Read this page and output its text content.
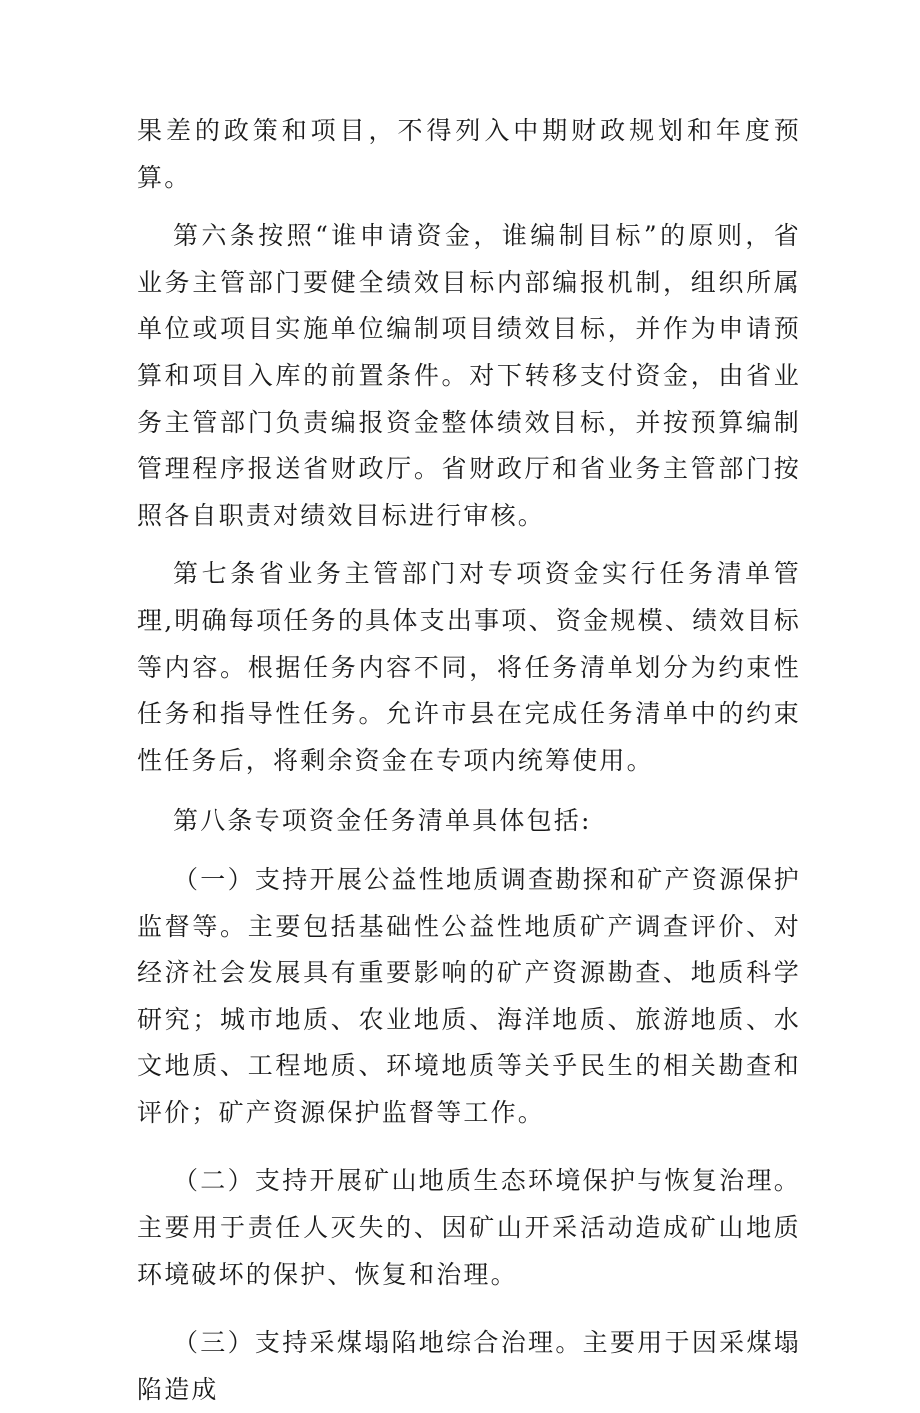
果差的政策和项目，不得列入中期财政规划和年度预算。

第六条按照“谁申请资金，谁编制目标”的原则，省业务主管部门要健全绩效目标内部编报机制，组织所属单位或项目实施单位编制项目绩效目标，并作为申请预算和项目入库的前置条件。对下转移支付资金，由省业务主管部门负责编报资金整体绩效目标，并按预算编制管理程序报送省财政厅。省财政厅和省业务主管部门按照各自职责对绩效目标进行审核。

第七条省业务主管部门对专项资金实行任务清单管理,明确每项任务的具体支出事项、资金规模、绩效目标等内容。根据任务内容不同，将任务清单划分为约束性任务和指导性任务。允许市县在完成任务清单中的约束性任务后，将剩余资金在专项内统筹使用。

第八条专项资金任务清单具体包括:

（一）支持开展公益性地质调查勘探和矿产资源保护监督等。主要包括基础性公益性地质矿产调查评价、对经济社会发展具有重要影响的矿产资源勘查、地质科学研究；城市地质、农业地质、海洋地质、旅游地质、水文地质、工程地质、环境地质等关乎民生的相关勘查和评价；矿产资源保护监督等工作。

（二）支持开展矿山地质生态环境保护与恢复治理。主要用于责任人灭失的、因矿山开采活动造成矿山地质环境破坏的保护、恢复和治理。

（三）支持采煤塌陷地综合治理。主要用于因采煤塌陷造成
